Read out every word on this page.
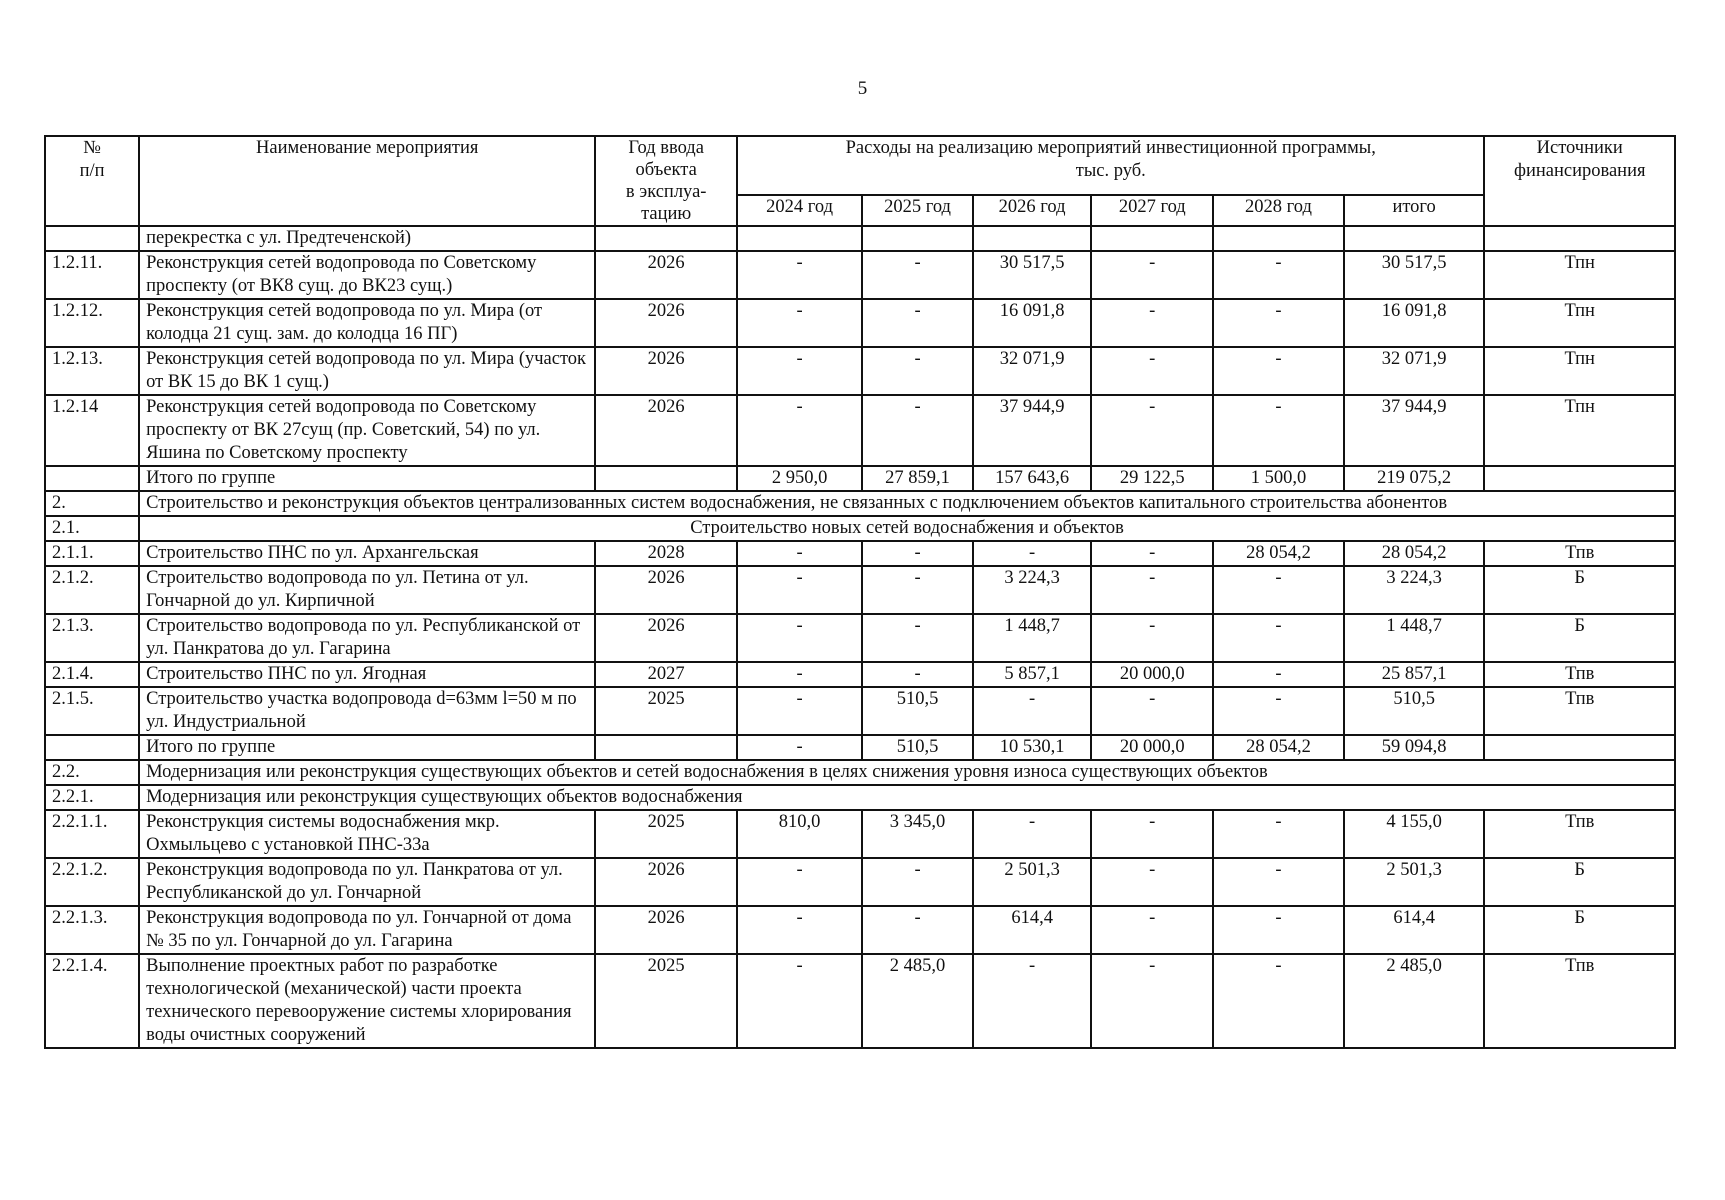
5
№
п/п	Наименование мероприятия	Год ввода
объекта
в эксплуа-
тацию	Расходы на реализацию мероприятий инвестиционной программы,
тыс. руб.						Источники
финансирования
			2024 год	2025 год	2026 год	2027 год	2028 год	итого	
	перекрестка с ул. Предтеченской)								
1.2.11.	Реконструкция сетей водопровода по Советскому проспекту (от ВК8 сущ. до ВК23 сущ.)	2026	-	-	30 517,5	-	-	30 517,5	Тпн
1.2.12.	Реконструкция сетей водопровода по ул. Мира (от колодца 21 сущ. зам. до колодца 16 ПГ)	2026	-	-	16 091,8	-	-	16 091,8	Тпн
1.2.13.	Реконструкция сетей водопровода по ул. Мира (участок от ВК 15 до ВК 1 сущ.)	2026	-	-	32 071,9	-	-	32 071,9	Тпн
1.2.14	Реконструкция сетей водопровода по Советскому проспекту от ВК 27сущ (пр. Советский, 54) по ул. Яшина по Советскому проспекту	2026	-	-	37 944,9	-	-	37 944,9	Тпн
	Итого по группе		2 950,0	27 859,1	157 643,6	29 122,5	1 500,0	219 075,2	
2.	Строительство и реконструкция объектов централизованных систем водоснабжения, не связанных с подключением объектов капитального строительства абонентов								
2.1.	Строительство новых сетей водоснабжения и объектов								
2.1.1.	Строительство ПНС по ул. Архангельская	2028	-	-	-	-	28 054,2	28 054,2	Тпв
2.1.2.	Строительство водопровода по ул. Петина от ул. Гончарной до ул. Кирпичной	2026	-	-	3 224,3	-	-	3 224,3	Б
2.1.3.	Строительство водопровода по ул. Республиканской от ул. Панкратова до ул. Гагарина	2026	-	-	1 448,7	-	-	1 448,7	Б
2.1.4.	Строительство ПНС по ул. Ягодная	2027	-	-	5 857,1	20 000,0	-	25 857,1	Тпв
2.1.5.	Строительство участка водопровода d=63мм l=50 м по ул. Индустриальной	2025	-	510,5	-	-	-	510,5	Тпв
	Итого по группе		-	510,5	10 530,1	20 000,0	28 054,2	59 094,8	
2.2.	Модернизация или реконструкция существующих объектов и сетей водоснабжения в целях снижения уровня износа существующих объектов								
2.2.1.	Модернизация или реконструкция существующих объектов водоснабжения								
2.2.1.1.	Реконструкция системы водоснабжения мкр. Охмыльцево с установкой ПНС-33а	2025	810,0	3 345,0	-	-	-	4 155,0	Тпв
2.2.1.2.	Реконструкция водопровода по ул. Панкратова от ул. Республиканской до ул. Гончарной	2026	-	-	2 501,3	-	-	2 501,3	Б
2.2.1.3.	Реконструкция водопровода по ул. Гончарной от дома № 35 по ул. Гончарной до ул. Гагарина	2026	-	-	614,4	-	-	614,4	Б
2.2.1.4.	Выполнение проектных работ по разработке технологической (механической) части проекта технического перевооружение системы хлорирования воды очистных сооружений	2025	-	2 485,0	-	-	-	2 485,0	Тпв
